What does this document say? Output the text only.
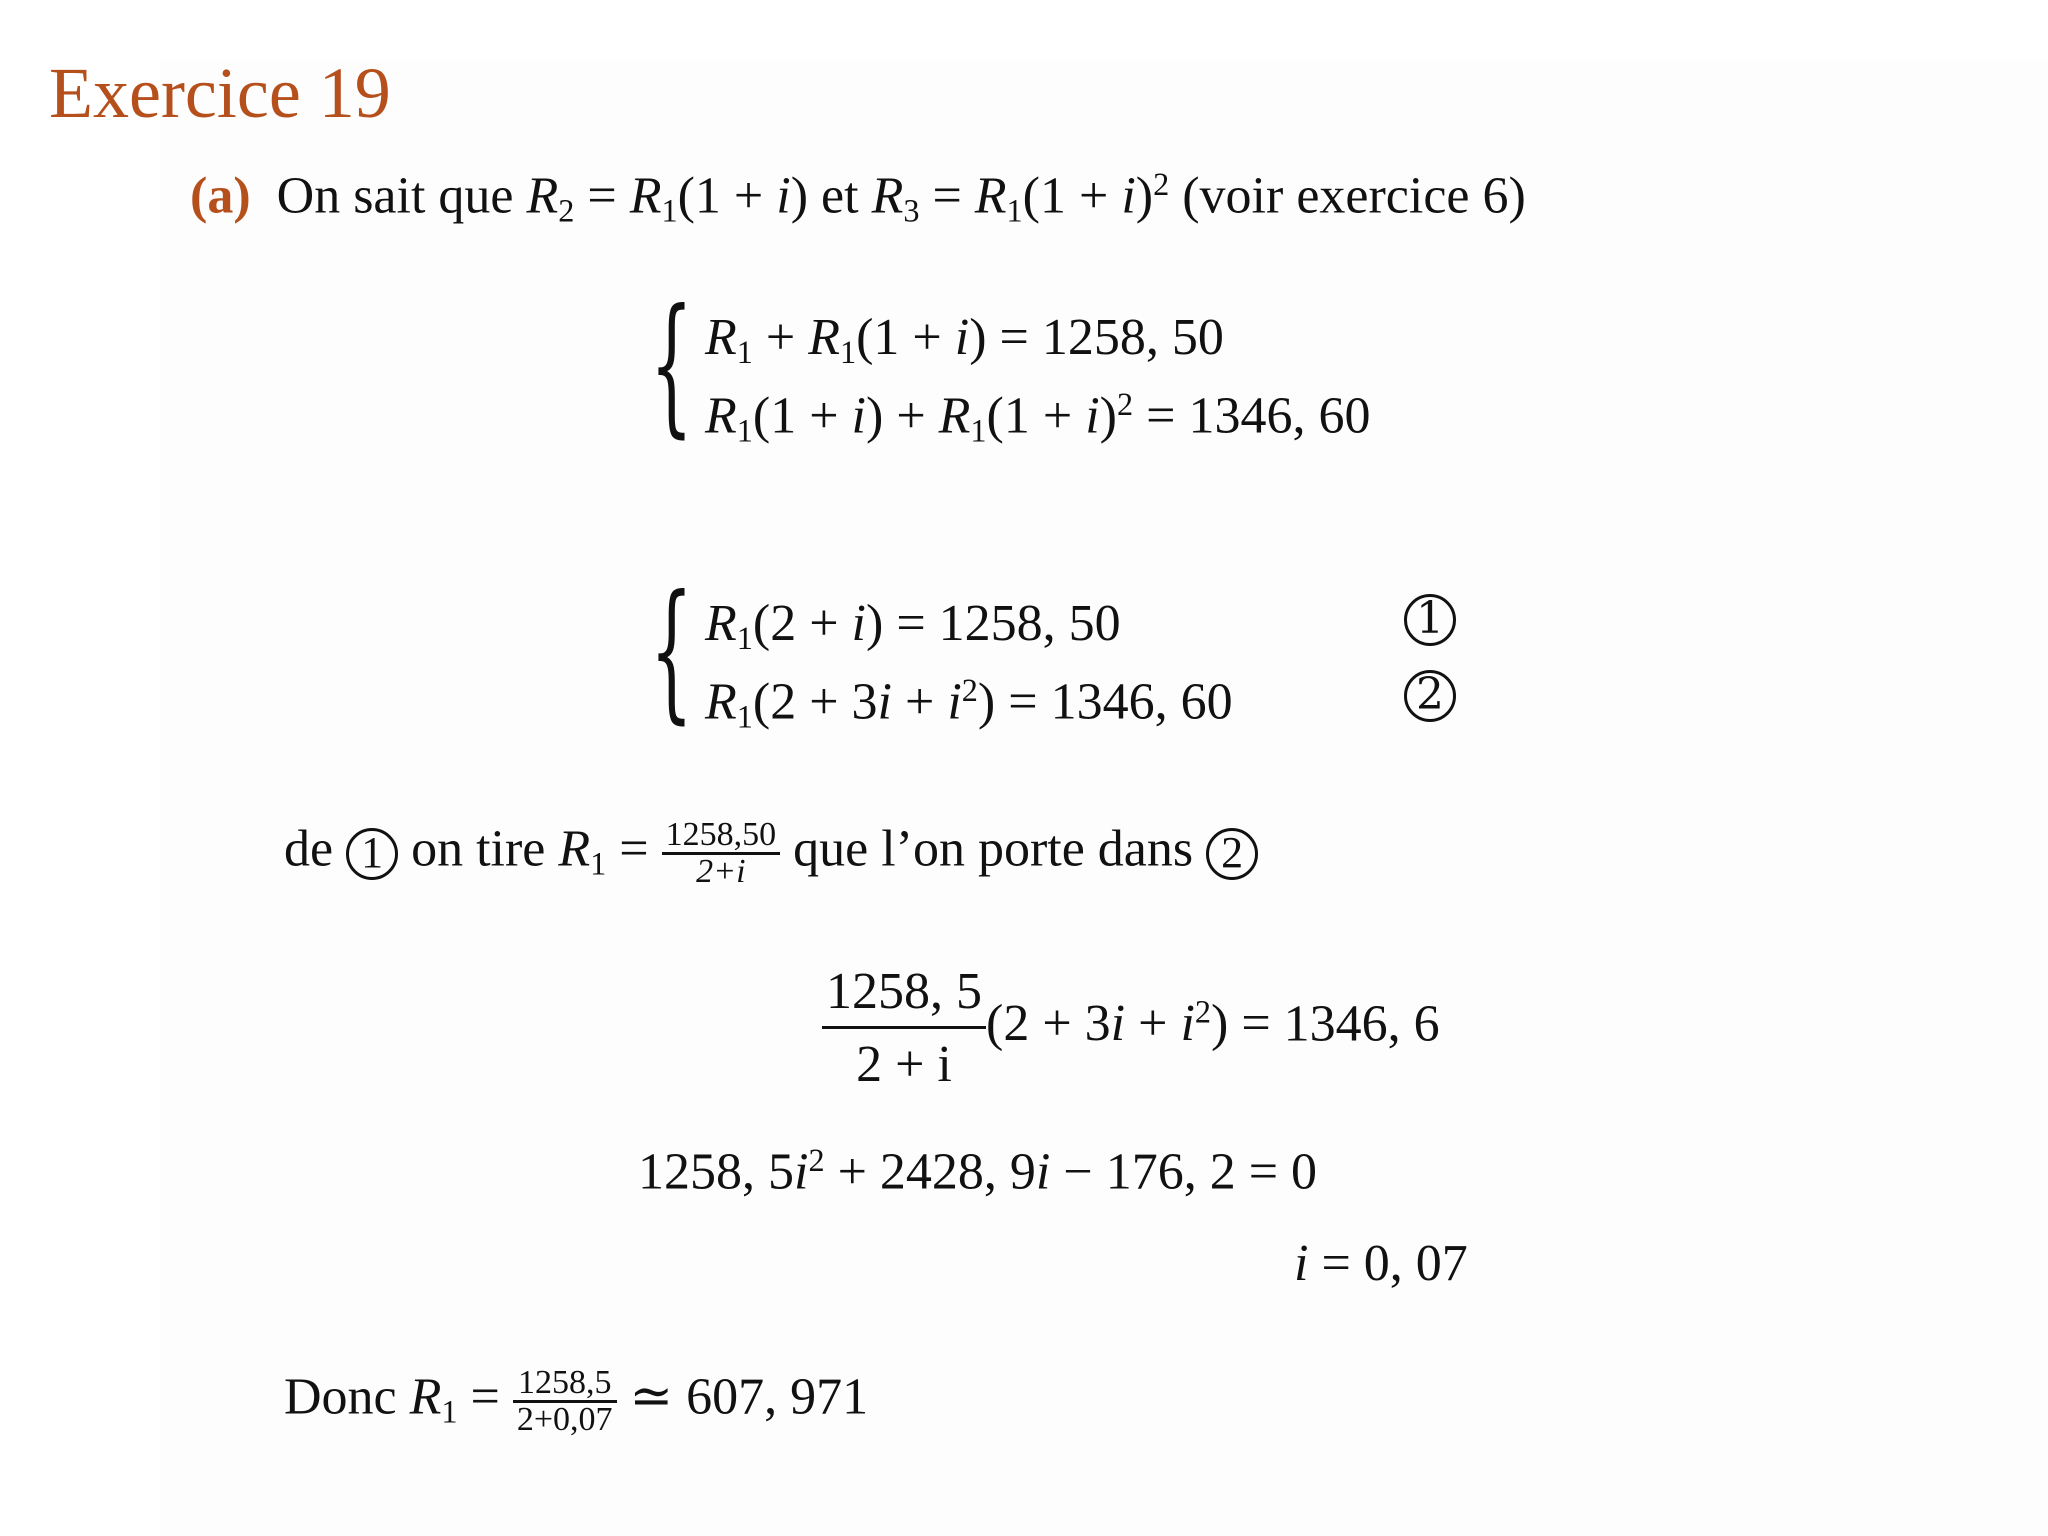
Exercice 19
(a) On sait que $R_2 = R_1(1 + i)$ et $R_3 = R_1(1 + i)^2$ (voir exercice 6)
{ $R_1 + R_1(1 + i) = 1258$, 50
$R_1(1 + i) + R_1(1 + i)^2 = 1346$, 60
{ $R_1(2 + i) = 1258$, 50	1
$R_1(2 + 3i + i^2) = 1346$, 60	2
de 1 on tire $R_1 = \frac{1258,50}{2+i}$ que l’on porte dans 2
$\frac{1258, 5}{2 + i} (2 + 3i + i^2) = 1346$, 6
1258, $5i^2 + 2428$, 9i − 176, 2 = 0
i = 0, 07
Donc $R_1 = \frac{1258,5}{2+0,07}$ ≃ 607, 971
